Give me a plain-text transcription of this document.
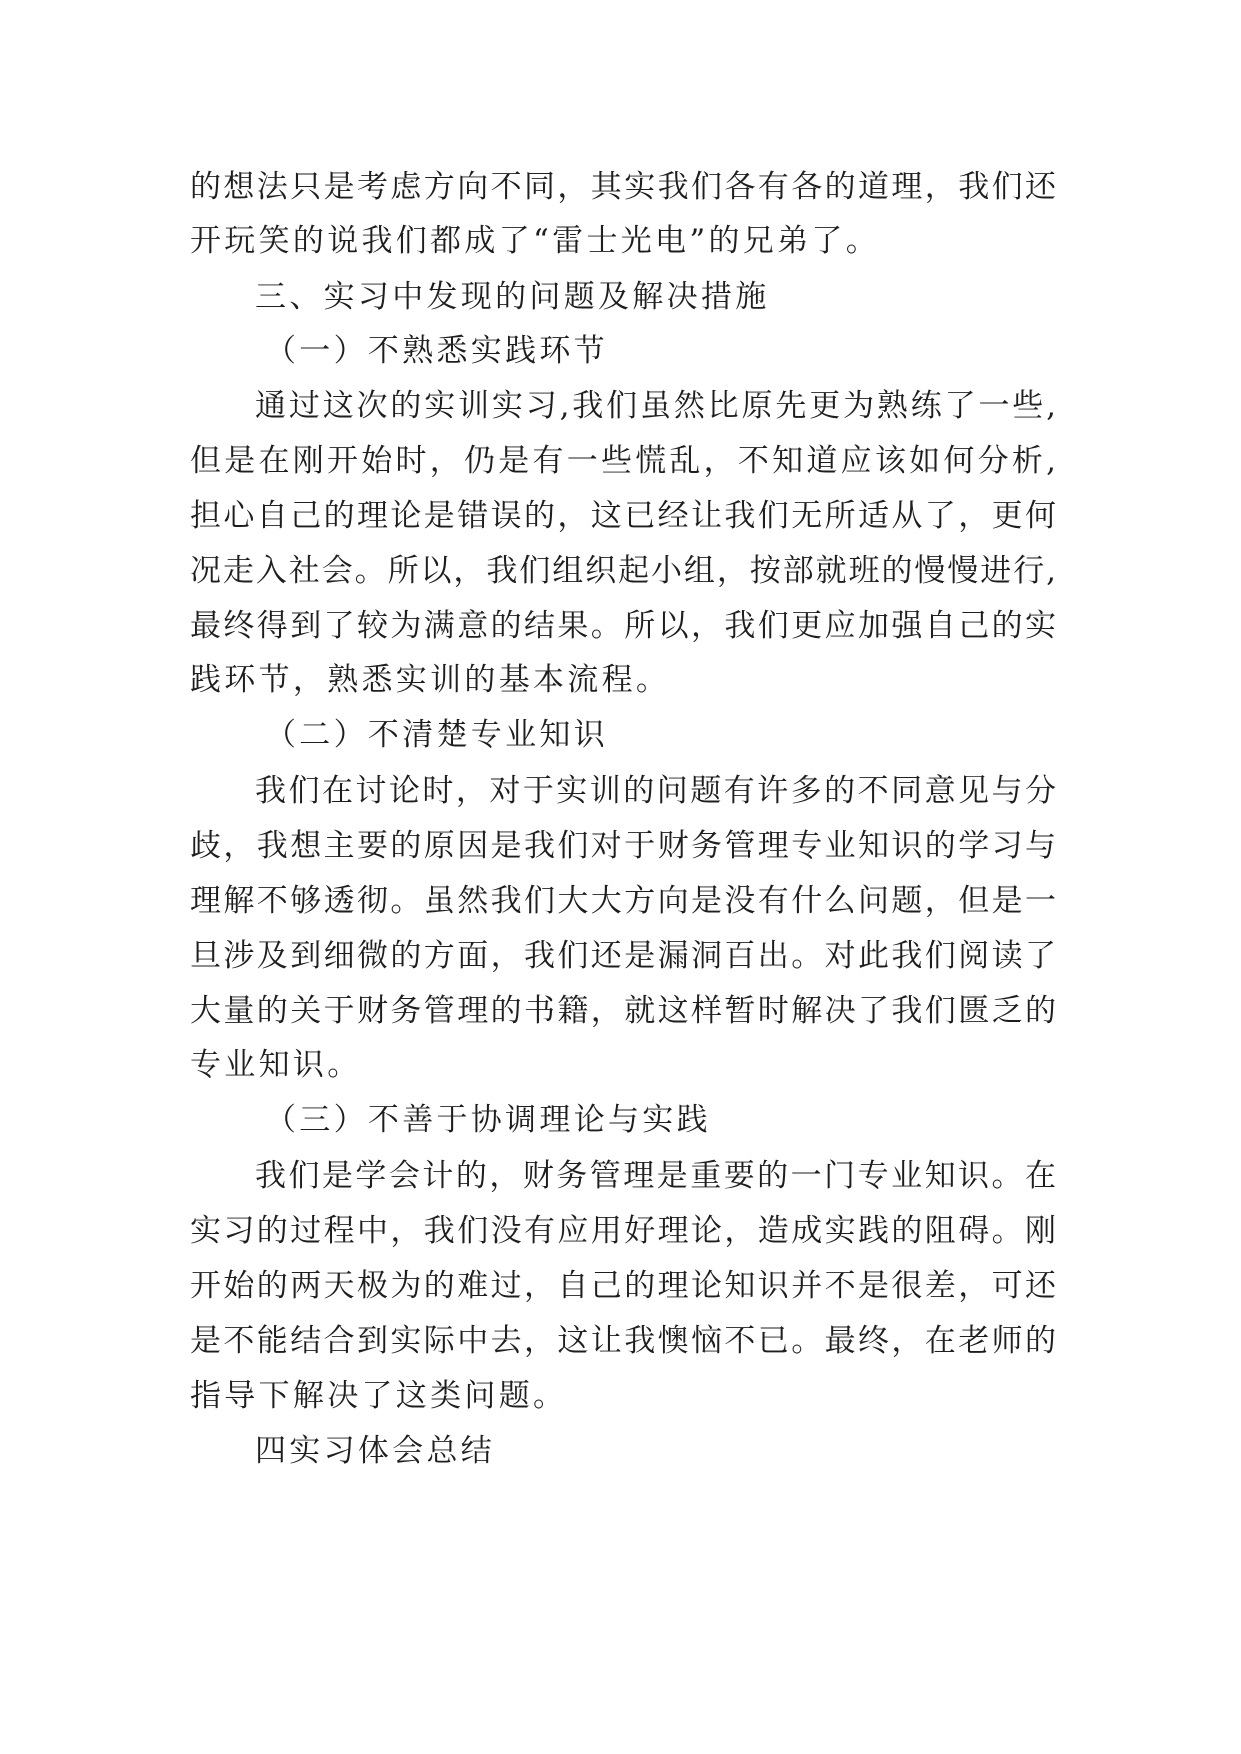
的想法只是考虑方向不同，其实我们各有各的道理，我们还
开玩笑的说我们都成了“雷士光电”的兄弟了。
三、实习中发现的问题及解决措施
（一）不熟悉实践环节
通过这次的实训实习,我们虽然比原先更为熟练了一些,
但是在刚开始时，仍是有一些慌乱，不知道应该如何分析,
担心自己的理论是错误的，这已经让我们无所适从了，更何
况走入社会。所以，我们组织起小组，按部就班的慢慢进行,
最终得到了较为满意的结果。所以，我们更应加强自己的实
践环节，熟悉实训的基本流程。
（二）不清楚专业知识
我们在讨论时，对于实训的问题有许多的不同意见与分
歧，我想主要的原因是我们对于财务管理专业知识的学习与
理解不够透彻。虽然我们大大方向是没有什么问题，但是一
旦涉及到细微的方面，我们还是漏洞百出。对此我们阅读了
大量的关于财务管理的书籍，就这样暂时解决了我们匮乏的
专业知识。
（三）不善于协调理论与实践
我们是学会计的，财务管理是重要的一门专业知识。在
实习的过程中，我们没有应用好理论，造成实践的阻碍。刚
开始的两天极为的难过，自己的理论知识并不是很差，可还
是不能结合到实际中去，这让我懊恼不已。最终，在老师的
指导下解决了这类问题。
四实习体会总结
